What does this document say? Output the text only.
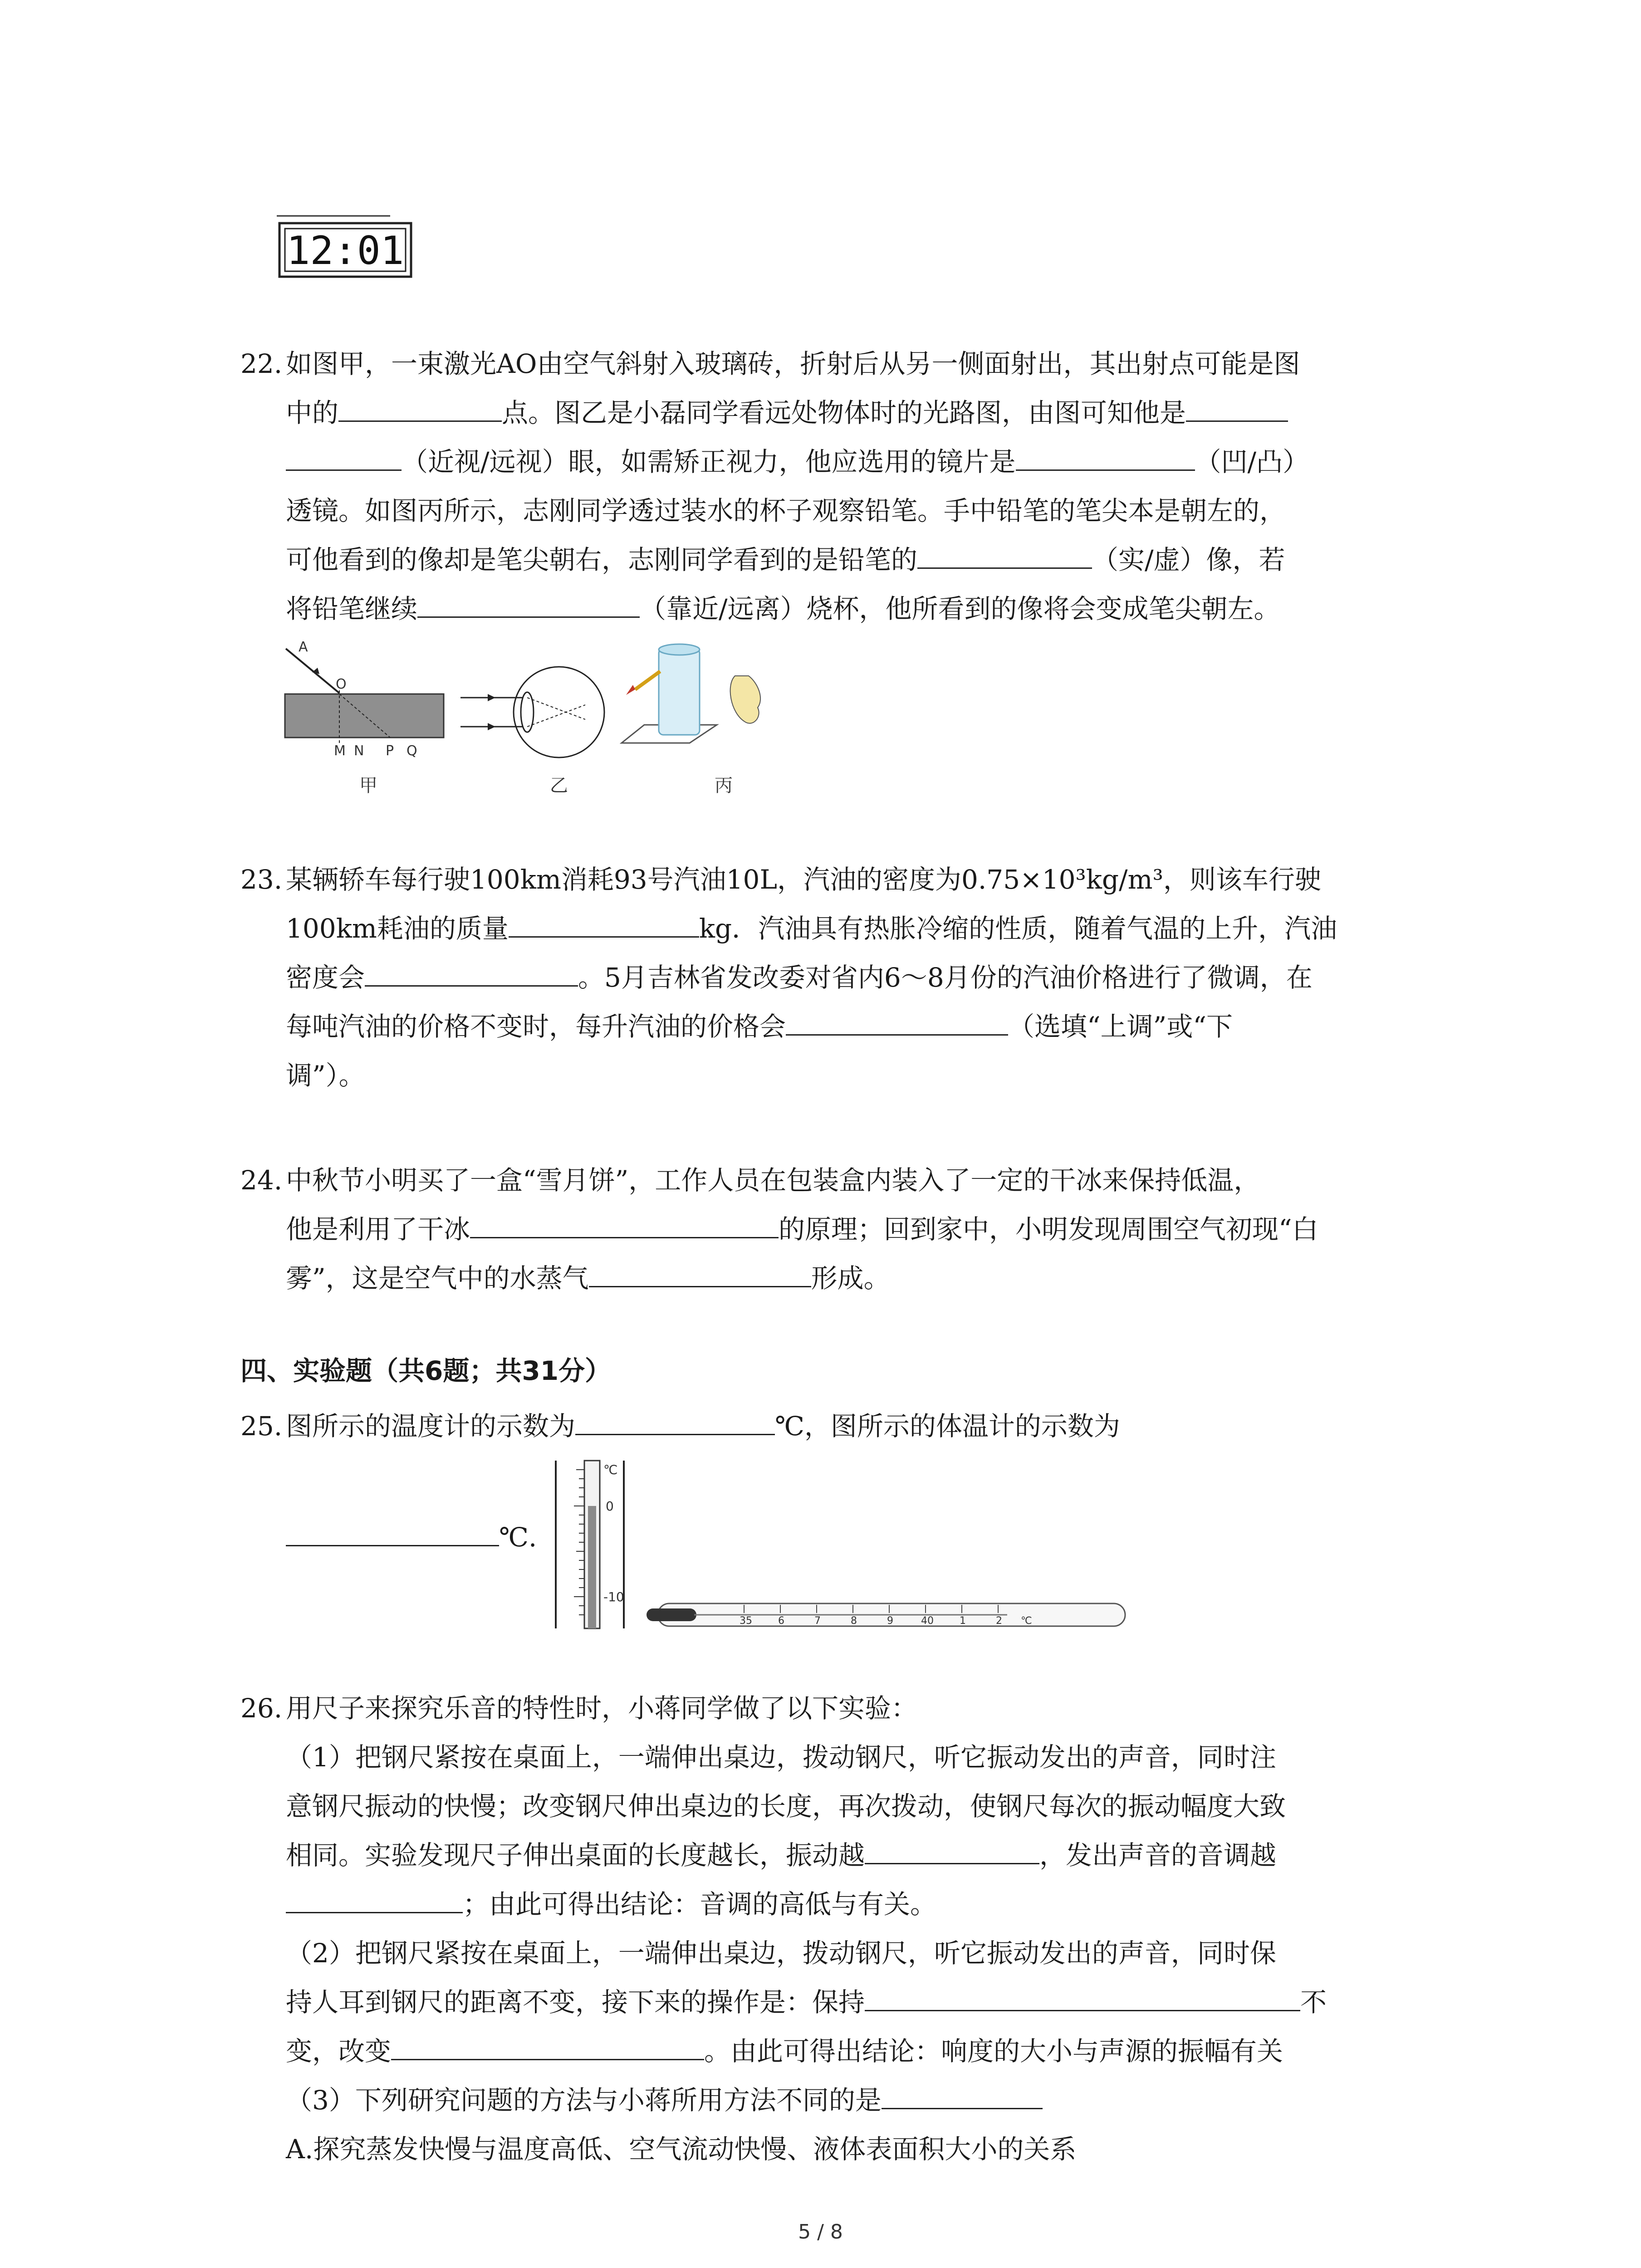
12:01
22. 如图甲，一束激光AO由空气斜射入玻璃砖，折射后从另一侧面射出，其出射点可能是图
中的	点。图乙是小磊同学看远处物体时的光路图，由图可知他是
（近视/远视）眼，如需矫正视力，他应选用的镜片是	（凹/凸）
透镜。如图丙所示，志刚同学透过装水的杯子观察铅笔。手中铅笔的笔尖本是朝左的，
可他看到的像却是笔尖朝右，志刚同学看到的是铅笔的	（实/虚）像，若
将铅笔继续	（靠近/远离）烧杯，他所看到的像将会变成笔尖朝左。
A
O
M N P Q
甲	乙	丙
23. 某辆轿车每行驶100km消耗93号汽油10L，汽油的密度为0.75×10³kg/m³，则该车行驶
100km耗油的质量	kg．汽油具有热胀冷缩的性质，随着气温的上升，汽油
密度会	。5月吉林省发改委对省内6～8月份的汽油价格进行了微调，在
每吨汽油的价格不变时，每升汽油的价格会	（选填“上调”或“下
调”）。
24. 中秋节小明买了一盒“雪月饼”，工作人员在包装盒内装入了一定的干冰来保持低温，
他是利用了干冰	的原理；回到家中，小明发现周围空气初现“白
雾”，这是空气中的水蒸气	形成。
四、实验题（共6题；共31分）
25. 图所示的温度计的示数为	℃，图所示的体温计的示数为
℃.
℃
0
-10
35	6	7	8	9	40	1	2 ℃
26. 用尺子来探究乐音的特性时，小蒋同学做了以下实验：
（1）把钢尺紧按在桌面上，一端伸出桌边，拨动钢尺，听它振动发出的声音，同时注
意钢尺振动的快慢；改变钢尺伸出桌边的长度，再次拨动，使钢尺每次的振动幅度大致
相同。实验发现尺子伸出桌面的长度越长，振动越	，发出声音的音调越
；由此可得出结论：音调的高低与有关。
（2）把钢尺紧按在桌面上，一端伸出桌边，拨动钢尺，听它振动发出的声音，同时保
持人耳到钢尺的距离不变，接下来的操作是：保持	不
变，改变	。由此可得出结论：响度的大小与声源的振幅有关
（3）下列研究问题的方法与小蒋所用方法不同的是
A.探究蒸发快慢与温度高低、空气流动快慢、液体表面积大小的关系
5 / 8
